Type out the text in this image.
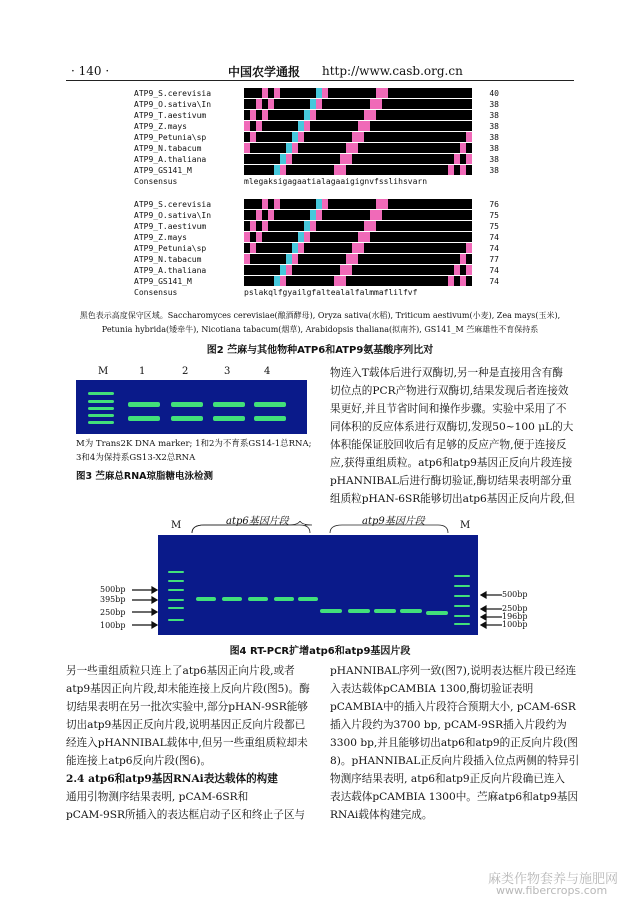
· 140 ·	中国农学通报 http://www.casb.org.cn
ATP9_S.cerevisia	40
ATP9_O.sativa\In	38
ATP9_T.aestivum	38
ATP9_Z.mays	38
ATP9_Petunia\sp	38
ATP9_N.tabacum	38
ATP9_A.thaliana	38
ATP9_GS141_M	38
Consensus	mlegaksigagaatialagaaigignvfsslihsvarn
ATP9_S.cerevisia	76
ATP9_O.sativa\In	75
ATP9_T.aestivum	75
ATP9_Z.mays	74
ATP9_Petunia\sp	74
ATP9_N.tabacum	77
ATP9_A.thaliana	74
ATP9_GS141_M	74
Consensus	pslakqlfgyailgfaltealalfalmmaflilfvf
黑色表示高度保守区域。Saccharomyces cerevisiae(酿酒酵母), Oryza sativa(水稻), Triticum aestivum(小麦), Zea mays(玉米),
Petunia hybrida(矮牵牛), Nicotiana tabacum(烟草), Arabidopsis thaliana(拟南芥), GS141_M 苎麻雄性不育保持系
图2 苎麻与其他物种ATP6和ATP9氨基酸序列比对
M	1	2	3	4
M为 Trans2K DNA marker; 1和2为不育系GS14-1总RNA;
3和4为保持系GS13-X2总RNA
图3 苎麻总RNA琼脂糖电泳检测
物连入T载体后进行双酶切,另一种是直接用含有酶
切位点的PCR产物进行双酶切,结果发现后者连接效
果更好,并且节省时间和操作步骤。实验中采用了不
同体积的反应体系进行双酶切,发现50~100 μL的大
体积能保证胶回收后有足够的反应产物,便于连接反
应,获得重组质粒。atp6和atp9基因正反向片段连接
pHANNIBAL后进行酶切验证,酶切结果表明部分重
组质粒pHAN-6SR能够切出atp6基因正反向片段,但
M	M
atp6基因片段	atp9基因片段
500bp
395bp
250bp
100bp
500bp
250bp
196bp
100bp
图4 RT-PCR扩增atp6和atp9基因片段
另一些重组质粒只连上了atp6基因正向片段,或者
atp9基因正向片段,却未能连接上反向片段(图5)。酶
切结果表明在另一批次实验中,部分pHAN-9SR能够
切出atp9基因正反向片段,说明基因正反向片段都已
经连入pHANNIBAL载体中,但另一些重组质粒却未
能连接上atp6反向片段(图6)。
2.4 atp6和atp9基因RNAi表达载体的构建
通用引物测序结果表明, pCAM-6SR和
pCAM-9SR所插入的表达框启动子区和终止子区与
pHANNIBAL序列一致(图7),说明表达框片段已经连
入表达载体pCAMBIA 1300,酶切验证表明
pCAMBIA中的插入片段符合预期大小, pCAM-6SR
插入片段约为3700 bp, pCAM-9SR插入片段约为
3300 bp,并且能够切出atp6和atp9的正反向片段(图
8)。pHANNIBAL正反向片段插入位点两侧的特异引
物测序结果表明, atp6和atp9正反向片段确已连入
表达载体pCAMBIA 1300中。苎麻atp6和atp9基因
RNAi载体构建完成。
麻类作物套养与施肥网
www.fibercrops.com
